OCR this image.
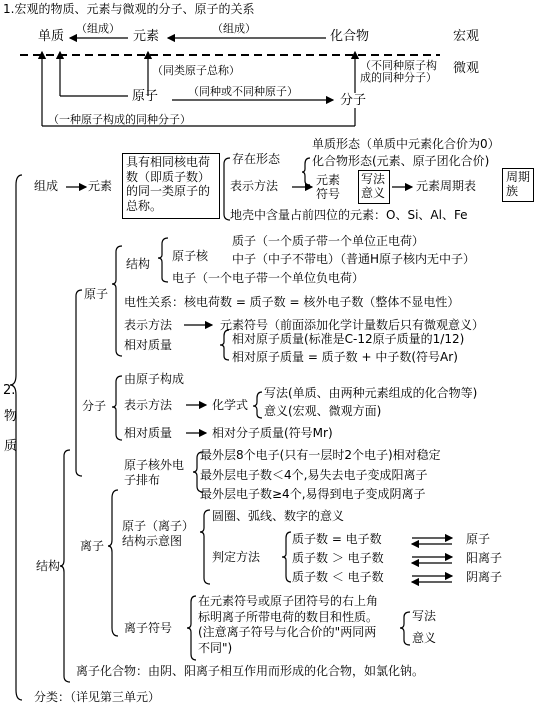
1.宏观的物质、元素与微观的分子、原子的关系
单质
（组成）
元素
（组成）
化合物	宏观
微观
（同类原子总称）	（不同种原子构成的同种分子）
原子	（同种或不同种原子）
分子
（一种原子构成的同种分子）
2.
物
质
组成 元素
具有相同核电荷数（即质子数）的同一类原子的总称。
存在形态
单质形态（单质中元素化合价为0）
化合物形态(元素、原子团化合价)
表示方法	元素符号
写法意义
元素周期表
周期族
地壳中含量占前四位的元素：O、Si、Al、Fe
原子
结构
原子核
质子（一个质子带一个单位正电荷）
中子（中子不带电）（普通H原子核内无中子）
电子（一个电子带一个单位负电荷）
电性关系：核电荷数 = 质子数 = 核外电子数（整体不显电性）
表示方法	元素符号（前面添加化学计量数后只有微观意义）
相对质量	相对原子质量(标准是C-12原子质量的1/12)
相对原子质量 = 质子数 + 中子数(符号Ar)
分子
由原子构成
表示方法	化学式
写法(单质、由两种元素组成的化合物等)
意义(宏观、微观方面)
相对质量	相对分子质量(符号Mr)
结构
原子核外电子排布
最外层8个电子(只有一层时2个电子)相对稳定
最外层电子数＜4个,易失去电子变成阳离子
最外层电子数≥4个,易得到电子变成阴离子
离子
原子（离子）结构示意图
圆圈、弧线、数字的意义
判定方法
质子数 = 电子数	原子
质子数 ＞ 电子数	阳离子
质子数 ＜ 电子数	阴离子
离子符号
在元素符号或原子团符号的右上角标明离子所带电荷的数目和性质。(注意离子符号与化合价的"两同两不同")
写法
意义
离子化合物：由阴、阳离子相互作用而形成的化合物，如氯化钠。
分类：（详见第三单元）
